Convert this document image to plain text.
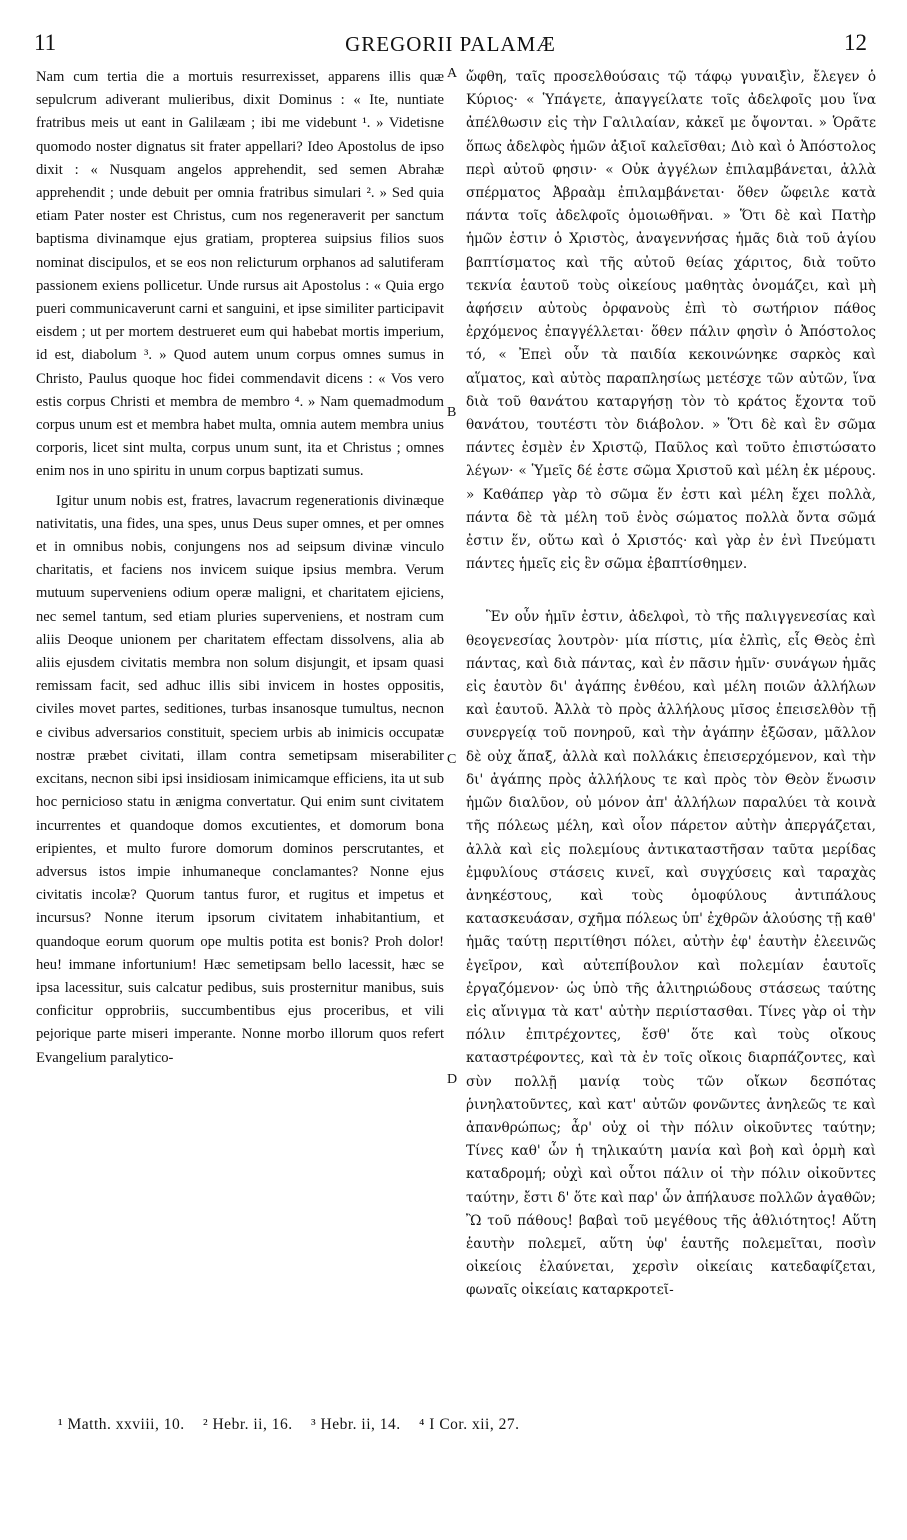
11	GREGORII PALAMÆ	12

Nam cum tertia die a mortuis resurrexisset, apparens illis quæ sepulcrum adiverant mulieribus, dixit Dominus : « Ite, nuntiate fratribus meis ut eant in Galilæam ; ibi me videbunt ¹. » Videtisne quomodo noster dignatus sit frater appellari? Ideo Apostolus de ipso dixit : « Nusquam angelos apprehendit, sed semen Abrahæ apprehendit ; unde debuit per omnia fratribus simulari ². » Sed quia etiam Pater noster est Christus, cum nos regeneraverit per sanctum baptisma divinamque ejus gratiam, propterea suipsius filios suos nominat discipulos, et se eos non relicturum orphanos ad salutiferam passionem exiens pollicetur. Unde rursus ait Apostolus : « Quia ergo pueri communicaverunt carni et sanguini, et ipse similiter participavit eisdem ; ut per mortem destrueret eum qui habebat mortis imperium, id est, diabolum ³. » Quod autem unum corpus omnes sumus in Christo, Paulus quoque hoc fidei commendavit dicens : « Vos vero estis corpus Christi et membra de membro ⁴. » Nam quemadmodum corpus unum est et membra habet multa, omnia autem membra unius corporis, licet sint multa, corpus unum sunt, ita et Christus ; omnes enim nos in uno spiritu in unum corpus baptizati sumus.

Igitur unum nobis est, fratres, lavacrum regenerationis divinæque nativitatis, una fides, una spes, unus Deus super omnes, et per omnes et in omnibus nobis, conjungens nos ad seipsum divinæ vinculo charitatis, et faciens nos invicem suique ipsius membra. Verum mutuum superveniens odium operæ maligni, et charitatem ejiciens, nec semel tantum, sed etiam pluries superveniens, et nostram cum aliis Deoque unionem per charitatem effectam dissolvens, alia ab aliis ejusdem civitatis membra non solum disjungit, et ipsam quasi remissam facit, sed adhuc illis sibi invicem in hostes oppositis, civiles movet partes, seditiones, turbas insanosque tumultus, necnon e civibus adversarios constituit, speciem urbis ab inimicis occupatæ nostræ præbet civitati, illam contra semetipsam miserabiliter excitans, necnon sibi ipsi insidiosam inimicamque efficiens, ita ut sub hoc pernicioso statu in ænigma convertatur. Qui enim sunt civitatem incurrentes et quandoque domos excutientes, et domorum bona eripientes, et multo furore domorum dominos perscrutantes, et adversus istos impie inhumaneque conclamantes? Nonne ejus civitatis incolæ? Quorum tantus furor, et rugitus et impetus et incursus? Nonne iterum ipsorum civitatem inhabitantium, et quandoque eorum quorum ope multis potita est bonis? Proh dolor! heu! immane infortunium! Hæc semetipsam bello lacessit, hæc se ipsa lacessitur, suis calcatur pedibus, suis prosternitur manibus, suis conficitur opprobriis, succumbentibus ejus proceribus, et vili pejorique parte miseri imperante. Nonne morbo illorum quos refert Evangelium paralytico-

A
B
C
D

ὤφθη, ταῖς προσελθούσαις τῷ τάφῳ γυναιξὶν, ἔλεγεν ὁ Κύριος· « Ὑπάγετε, ἀπαγγείλατε τοῖς ἀδελφοῖς μου ἵνα ἀπέλθωσιν εἰς τὴν Γαλιλαίαν, κἀκεῖ με ὄψονται. » Ὁρᾶτε ὅπως ἀδελφὸς ἡμῶν ἀξιοῖ καλεῖσθαι; Διὸ καὶ ὁ Ἀπόστολος περὶ αὐτοῦ φησιν· « Οὐκ ἀγγέλων ἐπιλαμβάνεται, ἀλλὰ σπέρματος Ἀβραὰμ ἐπιλαμβάνεται· ὅθεν ὤφειλε κατὰ πάντα τοῖς ἀδελφοῖς ὁμοιωθῆναι. » Ὅτι δὲ καὶ Πατὴρ ἡμῶν ἐστιν ὁ Χριστὸς, ἀναγεννήσας ἡμᾶς διὰ τοῦ ἁγίου βαπτίσματος καὶ τῆς αὐτοῦ θείας χάριτος, διὰ τοῦτο τεκνία ἑαυτοῦ τοὺς οἰκείους μαθητὰς ὀνομάζει, καὶ μὴ ἀφήσειν αὐτοὺς ὀρφανοὺς ἐπὶ τὸ σωτήριον πάθος ἐρχόμενος ἐπαγγέλλεται· ὅθεν πάλιν φησὶν ὁ Ἀπόστολος τό, « Ἐπεὶ οὖν τὰ παιδία κεκοινώνηκε σαρκὸς καὶ αἵματος, καὶ αὐτὸς παραπλησίως μετέσχε τῶν αὐτῶν, ἵνα διὰ τοῦ θανάτου καταργήσῃ τὸν τὸ κράτος ἔχοντα τοῦ θανάτου, τουτέστι τὸν διάβολον. » Ὅτι δὲ καὶ ἓν σῶμα πάντες ἐσμὲν ἐν Χριστῷ, Παῦλος καὶ τοῦτο ἐπιστώσατο λέγων· « Ὑμεῖς δέ ἐστε σῶμα Χριστοῦ καὶ μέλη ἐκ μέρους. » Καθάπερ γὰρ τὸ σῶμα ἕν ἐστι καὶ μέλη ἔχει πολλὰ, πάντα δὲ τὰ μέλη τοῦ ἑνὸς σώματος πολλὰ ὄντα σῶμά ἐστιν ἕν, οὕτω καὶ ὁ Χριστός· καὶ γὰρ ἐν ἑνὶ Πνεύματι πάντες ἡμεῖς εἰς ἓν σῶμα ἐβαπτίσθημεν.

Ἓν οὖν ἡμῖν ἐστιν, ἀδελφοὶ, τὸ τῆς παλιγγενεσίας καὶ θεογενεσίας λουτρὸν· μία πίστις, μία ἐλπὶς, εἷς Θεὸς ἐπὶ πάντας, καὶ διὰ πάντας, καὶ ἐν πᾶσιν ἡμῖν· συνάγων ἡμᾶς εἰς ἑαυτὸν δι' ἀγάπης ἐνθέου, καὶ μέλη ποιῶν ἀλλήλων καὶ ἑαυτοῦ. Ἀλλὰ τὸ πρὸς ἀλλήλους μῖσος ἐπεισελθὸν τῇ συνεργείᾳ τοῦ πονηροῦ, καὶ τὴν ἀγάπην ἐξῶσαν, μᾶλλον δὲ οὐχ ἅπαξ, ἀλλὰ καὶ πολλάκις ἐπεισερχόμενον, καὶ τὴν δι' ἀγάπης πρὸς ἀλλήλους τε καὶ πρὸς τὸν Θεὸν ἕνωσιν ἡμῶν διαλῦον, οὐ μόνον ἀπ' ἀλλήλων παραλύει τὰ κοινὰ τῆς πόλεως μέλη, καὶ οἷον πάρετον αὐτὴν ἀπεργάζεται, ἀλλὰ καὶ εἰς πολεμίους ἀντικαταστῆσαν ταῦτα μερίδας ἐμφυλίους στάσεις κινεῖ, καὶ συγχύσεις καὶ ταραχὰς ἀνηκέστους, καὶ τοὺς ὁμοφύλους ἀντιπάλους κατασκευάσαν, σχῆμα πόλεως ὑπ' ἐχθρῶν ἁλούσης τῇ καθ' ἡμᾶς ταύτῃ περιτίθησι πόλει, αὐτὴν ἐφ' ἑαυτὴν ἐλεεινῶς ἐγεῖρον, καὶ αὐτεπίβουλον καὶ πολεμίαν ἑαυτοῖς ἐργαζόμενον· ὡς ὑπὸ τῆς ἀλιτηριώδους στάσεως ταύτης εἰς αἴνιγμα τὰ κατ' αὐτὴν περιίστασθαι. Τίνες γὰρ οἱ τὴν πόλιν ἐπιτρέχοντες, ἔσθ' ὅτε καὶ τοὺς οἴκους καταστρέφοντες, καὶ τὰ ἐν τοῖς οἴκοις διαρπάζοντες, καὶ σὺν πολλῇ μανίᾳ τοὺς τῶν οἴκων δεσπότας ῥινηλατοῦντες, καὶ κατ' αὐτῶν φονῶντες ἀνηλεῶς τε καὶ ἀπανθρώπως; ἆρ' οὐχ οἱ τὴν πόλιν οἰκοῦντες ταύτην; Τίνες καθ' ὧν ἡ τηλικαύτη μανία καὶ βοὴ καὶ ὁρμὴ καὶ καταδρομή; οὐχὶ καὶ οὗτοι πάλιν οἱ τὴν πόλιν οἰκοῦντες ταύτην, ἔστι δ' ὅτε καὶ παρ' ὧν ἀπήλαυσε πολλῶν ἀγαθῶν; Ὢ τοῦ πάθους! βαβαὶ τοῦ μεγέθους τῆς ἀθλιότητος! Αὕτη ἑαυτὴν πολεμεῖ, αὕτη ὑφ' ἑαυτῆς πολεμεῖται, ποσὶν οἰκείοις ἐλαύνεται, χερσὶν οἰκείαις κατεδαφίζεται, φωναῖς οἰκείαις καταρκροτεῖ-

¹ Matth. xxviii, 10. ² Hebr. ii, 16. ³ Hebr. ii, 14. ⁴ I Cor. xii, 27.
